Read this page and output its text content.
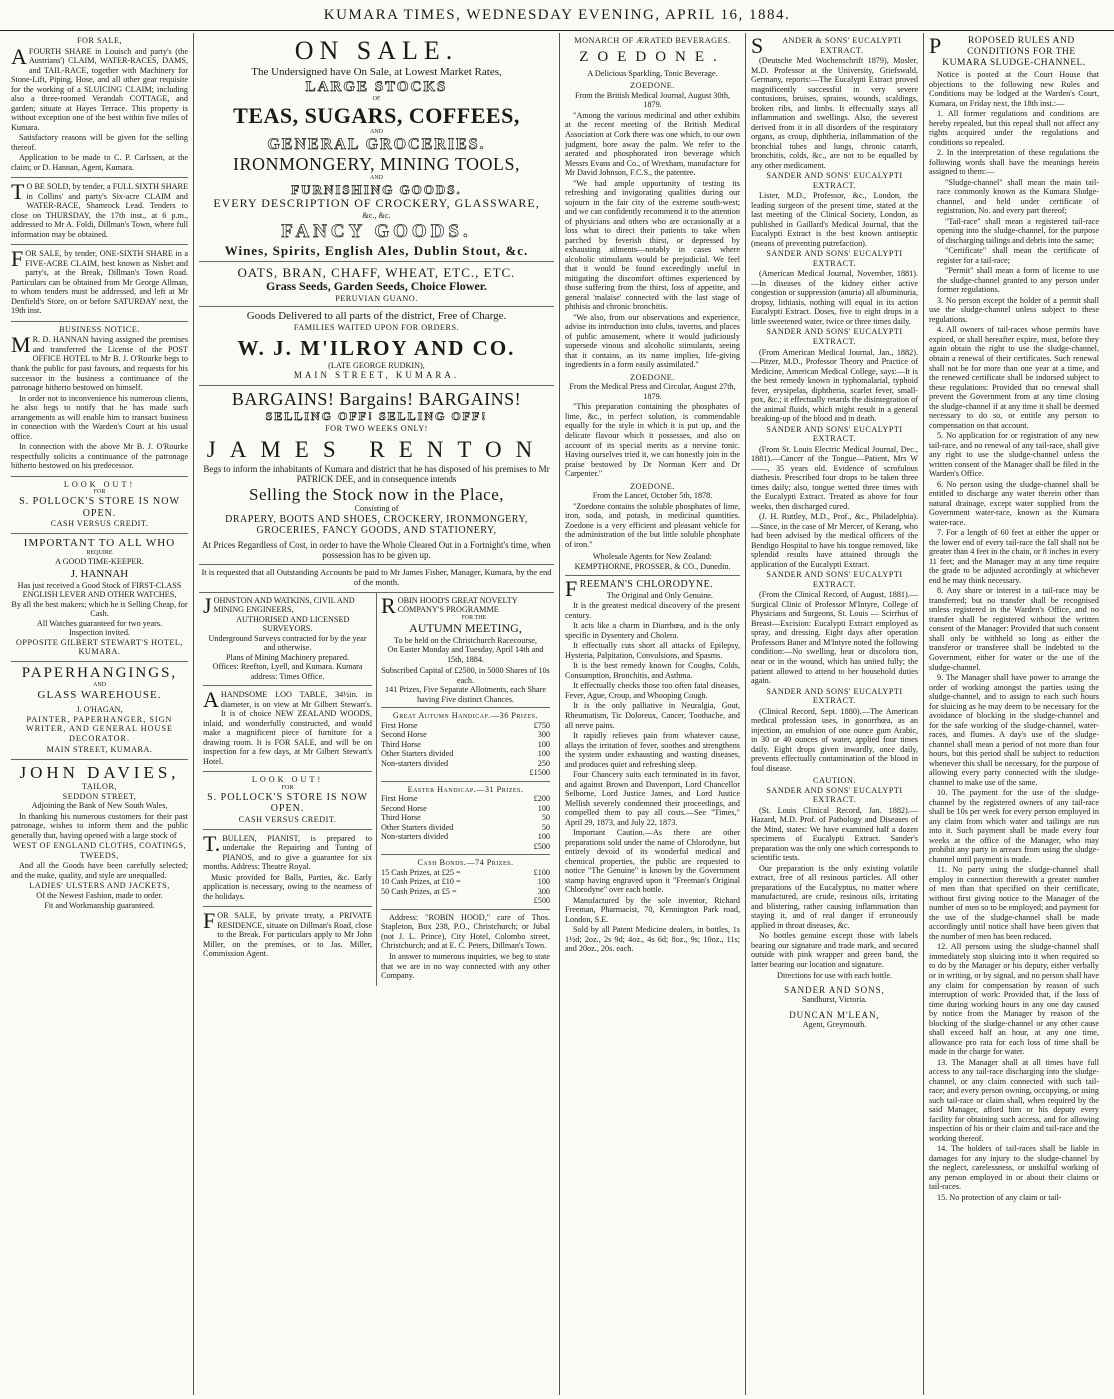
KUMARA TIMES, WEDNESDAY EVENING, APRIL 16, 1884.
FOR SALE,

AFOURTH SHARE in Louisch and party's (the Austrians') CLAIM, WATER-RACES, DAMS, and TAIL-RACE, together with Machinery for Stone-Lift, Piping, Hose, and all other gear requisite for the working of a SLUICING CLAIM; including also a three-roomed Verandah COTTAGE, and garden; situate at Hayes Terrace. This property is without exception one of the best within five miles of Kumara.

Satisfactory reasons will be given for the selling thereof.

Application to be made to C. P. Carlssen, at the claim; or D. Hannan, Agent, Kumara.

TO BE SOLD, by tender, a FULL SIXTH SHARE in Collins' and party's Six-acre CLAIM and WATER-RACE, Shamrock Lead. Tenders to close on THURSDAY, the 17th inst., at 6 p.m., addressed to Mr A. Foldi, Dillman's Town, where full information may be obtained.

FOR SALE, by tender, ONE-SIXTH SHARE in a FIVE-ACRE CLAIM, best known as Nisbet and party's, at the Break, Dillman's Town Road. Particulars can be obtained from Mr George Allman, to whom tenders must be addressed, and left at Mr Denfield's Store, on or before SATURDAY next, the 19th inst.

BUSINESS NOTICE.

MR. D. HANNAN having assigned the premises and transferred the License of the POST OFFICE HOTEL to Mr B. J. O'Rourke begs to thank the public for past favours, and requests for his successor in the business a continuance of the patronage hitherto bestowed on himself.

In order not to inconvenience his numerous clients, he also begs to notify that he has made such arrangements as will enable him to transact business in connection with the Warden's Court at his usual office.

In connection with the above Mr B. J. O'Rourke respectfully solicits a continuance of the patronage hitherto bestowed on his predecessor.

LOOK OUT!
FOR
S. POLLOCK'S STORE IS NOW OPEN.
CASH VERSUS CREDIT.
IMPORTANT TO ALL WHO
REQUIRE
A GOOD TIME-KEEPER.
J. HANNAH
Has just received a Good Stock of FIRST-CLASS ENGLISH LEVER AND OTHER WATCHES,
By all the best makers; which he is Selling Cheap, for Cash.
All Watches guaranteed for two years.
Inspection invited.
OPPOSITE GILBERT STEWART'S HOTEL, KUMARA.
PAPERHANGINGS,
AND
GLASS WAREHOUSE.
J. O'HAGAN,
PAINTER, PAPERHANGER, SIGN WRITER, AND GENERAL HOUSE DECORATOR.
MAIN STREET, KUMARA.
JOHN DAVIES,
TAILOR,
SEDDON STREET,
Adjoining the Bank of New South Wales,

In thanking his numerous customers for their past patronage, wishes to inform them and the public generally that, having opened with a large stock of

WEST OF ENGLAND CLOTHS, COATINGS, TWEEDS,

And all the Goods have been carefully selected; and the make, quality, and style are unequalled.

LADIES' ULSTERS AND JACKETS,
Of the Newest Fashion, made to order.
Fit and Workmanship guaranteed.
ON SALE.
The Undersigned have On Sale, at Lowest Market Rates,
LARGE STOCKS
OF
TEAS, SUGARS, COFFEES,
AND
GENERAL GROCERIES.
IRONMONGERY, MINING TOOLS,
AND
FURNISHING GOODS.
EVERY DESCRIPTION OF CROCKERY, GLASSWARE,
&c., &c.
FANCY GOODS.
Wines, Spirits, English Ales, Dublin Stout, &c.
OATS, BRAN, CHAFF, WHEAT, ETC., ETC.
Grass Seeds, Garden Seeds, Choice Flower.
PERUVIAN GUANO.
Goods Delivered to all parts of the district, Free of Charge.
FAMILIES WAITED UPON FOR ORDERS.
W. J. M'ILROY AND CO.
(LATE GEORGE RUDKIN),
MAIN STREET, KUMARA.
BARGAINS! Bargains! BARGAINS!
SELLING OFF! SELLING OFF!
FOR TWO WEEKS ONLY!
JAMES RENTON
Begs to inform the inhabitants of Kumara and district that he has disposed of his premises to Mr PATRICK DEE, and in consequence intends
Selling the Stock now in the Place,
Consisting of
DRAPERY, BOOTS AND SHOES, CROCKERY, IRONMONGERY, GROCERIES, FANCY GOODS, AND STATIONERY,
At Prices Regardless of Cost, in order to have the Whole Cleared Out in a Fortnight's time, when possession has to be given up.
It is requested that all Outstanding Accounts be paid to Mr James Fisher, Manager, Kumara, by the end of the month.
JOHNSTON AND WATKINS, CIVIL AND MINING ENGINEERS,
AUTHORISED AND LICENSED SURVEYORS.
Underground Surveys contracted for by the year and otherwise.
Plans of Mining Machinery prepared.
Offices: Reefton, Lyell, and Kumara. Kumara address: Times Office.

AHANDSOME LOO TABLE, 34½in. in diameter, is on view at Mr Gilbert Stewart's. It is of choice NEW ZEALAND WOODS, inlaid, and wonderfully constructed, and would make a magnificent piece of furniture for a drawing room. It is FOR SALE, and will be on inspection for a few days, at Mr Gilbert Stewart's Hotel.

LOOK OUT!
FOR
S. POLLOCK'S STORE IS NOW OPEN.
CASH VERSUS CREDIT.

T.BULLEN, PIANIST, is prepared to undertake the Repairing and Tuning of PIANOS, and to give a guarantee for six months. Address: Theatre Royal.

Music provided for Balls, Parties, &c. Early application is necessary, owing to the nearness of the holidays.

FOR SALE, by private treaty, a PRIVATE RESIDENCE, situate on Dillman's Road, close to the Break. For particulars apply to Mr John Miller, on the premises, or to Jas. Miller, Commission Agent.

ROBIN HOOD'S GREAT NOVELTY COMPANY'S PROGRAMME
FOR THE
AUTUMN MEETING,
To be held on the Christchurch Racecourse,
On Easter Monday and Tuesday, April 14th and 15th, 1884.
Subscribed Capital of £2500, in 5000 Shares of 10s each.
141 Prizes, Five Separate Allotments, each Share having Five distinct Chances.
Great Autumn Handicap.—36 Prizes.
First Horse	£750
Second Horse	300
Third Horse	100
Other Starters divided	100
Non-starters divided	250
£1500
Easter Handicap.—31 Prizes.
First Horse	£200
Second Horse	100
Third Horse	50
Other Starters divided	50
Non-starters divided	100
£500
Cash Bonds.—74 Prizes.
15 Cash Prizes, at £25 =	£100
10 Cash Prizes, at £10 =	100
50 Cash Prizes, at £5 =	300
£500

Address: "ROBIN HOOD," care of Thos. Stapleton, Box 238, P.O., Christchurch; or Jubal (not J. L. Prince), City Hotel, Colombo street, Christchurch; and at E. C. Peters, Dillman's Town.

In answer to numerous inquiries, we beg to state that we are in no way connected with any other Company.

MONARCH OF ÆRATED BEVERAGES.
ZOEDONE.
A Delicious Sparkling, Tonic Beverage.
ZOEDONE.
From the British Medical Journal, August 30th, 1879.

"Among the various medicinal and other exhibits at the recent meeting of the British Medical Association at Cork there was one which, to our own judgment, bore away the palm. We refer to the aerated and phosphorated iron beverage which Messrs Evans and Co., of Wrexham, manufacture for Mr David Johnson, F.C.S., the patentee.

"We had ample opportunity of testing its refreshing and invigorating qualities during our sojourn in the fair city of the extreme south-west; and we can confidently recommend it to the attention of physicians and others who are occasionally at a loss what to direct their patients to take when parched by feverish thirst, or depressed by exhausting ailments—notably in cases where alcoholic stimulants would be prejudicial. We feel that it would be found exceedingly useful in mitigating the discomfort oftimes experienced by those suffering from the thirst, loss of appetite, and general 'malaise' connected with the last stage of phthisis and chronic bronchitis.

"We also, from our observations and experience, advise its introduction into clubs, taverns, and places of public amusement, where it would judiciously supersede vinous and alcoholic stimulants, seeing that it contains, as its name implies, life-giving ingredients in a form easily assimilated."

ZOEDONE.
From the Medical Press and Circular, August 27th, 1879.

"This preparation containing the phosphates of lime, &c., in perfect solution, is commendable equally for the style in which it is put up, and the delicate flavour which it possesses, and also on account of its special merits as a nervine tonic. Having ourselves tried it, we can honestly join in the praise bestowed by Dr Norman Kerr and Dr Carpenter."

ZOEDONE.
From the Lancet, October 5th, 1878.

"Zoedone contains the soluble phosphates of lime, iron, soda, and potash, in medicinal quantities. Zoedone is a very efficient and pleasant vehicle for the administration of the but little soluble phosphate of iron."

Wholesale Agents for New Zealand:
KEMPTHORNE, PROSSER, & CO., Dunedin.
FREEMAN'S CHLORODYNE.
The Original and Only Genuine.

It is the greatest medical discovery of the present century.

It acts like a charm in Diarrhœa, and is the only specific in Dysentery and Cholera.

It effectually cuts short all attacks of Epilepsy, Hysteria, Palpitation, Convulsions, and Spasms.

It is the best remedy known for Coughs, Colds, Consumption, Bronchitis, and Asthma.

It effectually checks those too often fatal diseases, Fever, Ague, Croup, and Whooping Cough.

It is the only palliative in Neuralgia, Gout, Rheumatism, Tic Doloreux, Cancer, Toothache, and all nerve pains.

It rapidly relieves pain from whatever cause, allays the irritation of fever, soothes and strengthens the system under exhausting and wasting diseases, and produces quiet and refreshing sleep.

Four Chancery suits each terminated in its favor, and against Brown and Davenport, Lord Chancellor Selborne, Lord Justice James, and Lord Justice Mellish severely condemned their proceedings, and compelled them to pay all costs.—See "Times," April 29, 1873, and July 22, 1873.

Important Caution.—As there are other preparations sold under the name of Chlorodyne, but entirely devoid of its wonderful medical and chemical properties, the public are requested to notice "The Genuine" is known by the Government stamp having engraved upon it "Freeman's Original Chlorodyne" over each bottle.

Manufactured by the sole inventor, Richard Freeman, Pharmacist, 70, Kennington Park road, London, S.E.

Sold by all Patent Medicine dealers, in bottles, 1s 1½d; 2oz., 2s 9d; 4oz., 4s 6d; 8oz., 9s; 10oz., 11s; and 20oz., 20s. each.

SANDER & SONS' EUCALYPTI EXTRACT.

(Deutsche Med Wochenschrift 1879), Mosler, M.D. Professor at the University, Griefswald, Germany, reports:—The Eucalypti Extract proved magnificently successful in very severe contusions, bruises, sprains, wounds, scaldings, broken ribs, and limbs. It effectually stays all inflammation and swellings. Also, the severest derived from it in all disorders of the respiratory organs, as croup, diphtheria, inflammation of the bronchial tubes and lungs, chronic catarrh, bronchitis, colds, &c., are not to be equalled by any other medicament.

SANDER AND SONS' EUCALYPTI EXTRACT.

Lister, M.D., Professor, &c., London, the leading surgeon of the present time, stated at the last meeting of the Clinical Society, London, as published in Gaillard's Medical Journal, that the Eucalypti Extract is the best known antiseptic (means of preventing putrefaction).

SANDER AND SONS' EUCALYPTI EXTRACT.

(American Medical Journal, November, 1881).—In diseases of the kidney either active congestion or suppression (anuria) all albuminuria, dropsy, lithiasis, nothing will equal in its action Eucalypti Extract. Doses, five to eight drops in a little sweetened water, twice or three times daily.

SANDER AND SONS' EUCALYPTI EXTRACT.

(From American Medical Journal, Jan., 1882).—Pitzer, M.D., Professor Theory and Practice of Medicine, American Medical College, says:—It is the best remedy known in typhomalarial, typhoid fever, erysipelas, diphtheria, scarlet fever, small-pox, &c.; it effectually retards the disintegration of the animal fluids, which might result in a general breaking-up of the blood and in death.

SANDER AND SONS' EUCALYPTI EXTRACT.

(From St. Louis Electric Medical Journal, Dec., 1881).—Cancer of the Tongue—Patient, Mrs W——, 35 years old. Evidence of scrofulous diathesis. Prescribed four drops to be taken three times daily; also, tongue wetted three times with the Eucalypti Extract. Treated as above for four weeks, then discharged cured.

(J. H. Ruttley, M.D., Prof., &c., Philadelphia).—Since, in the case of Mr Mercer, of Kerang, who had been advised by the medical officers of the Bendigo Hospital to have his tongue removed, like splendid results have attained through the application of the Eucalypti Extract.

SANDER AND SONS' EUCALYPTI EXTRACT.

(From the Clinical Record, of August, 1881).—Surgical Clinic of Professor M'Intyre, College of Physicians and Surgeons, St. Louis — Scirrhus of Breast—Excision: Eucalypti Extract employed as spray, and dressing. Eight days after operation Professors Baner and M'Intyre noted the following condition:—No swelling, heat or discolora tion, near or in the wound, which has united fully; the patient allowed to attend to her household duties again.

SANDER AND SONS' EUCALYPTI EXTRACT.

(Clinical Record, Sept. 1880).—The American medical profession uses, in gonorrhœa, as an injection, an emulsion of one ounce gum Arabic, in 30 or 40 ounces of water, applied four times daily. Eight drops given inwardly, once daily, prevents effectually contamination of the blood in foul disease.

CAUTION.
SANDER AND SONS' EUCALYPTI EXTRACT.

(St. Louis Clinical Record, Jan. 1882).—Hazard, M.D. Prof. of Pathology and Diseases of the Mind, states: We have examined half a dozen specimens of Eucalypti Extract. Sander's preparation was the only one which corresponds to scientific tests.

Our preparation is the only existing volatile extract, free of all resinous particles. All other preparations of the Eucalyptus, no matter where manufactured, are crude, resinous oils, irritating and blistering, rather causing inflammation than staying it, and of real danger if erroneously applied in throat diseases, &c.

No bottles genuine except those with labels bearing our signature and trade mark, and secured outside with pink wrapper and green band, the latter bearing our location and signature.

Directions for use with each bottle.
SANDER AND SONS,
Sandhurst, Victoria.
DUNCAN M'LEAN,
Agent, Greymouth.
PROPOSED RULES AND CONDITIONS FOR THE KUMARA SLUDGE-CHANNEL.

Notice is posted at the Court House that objections to the following new Rules and Conditions may be lodged at the Warden's Court, Kumara, on Friday next, the 18th inst.:—

1. All former regulations and conditions are hereby repealed, but this repeal shall not affect any rights acquired under the regulations and conditions so repealed.

2. In the interpretation of these regulations the following words shall have the meanings herein assigned to them:—

"Sludge-channel" shall mean the main tail-race commonly known as the Kumara Sludge-channel, and held under certificate of registration, No. and every part thereof;

"Tail-race" shall mean a registered tail-race opening into the sludge-channel, for the purpose of discharging tailings and debris into the same;

"Certificate" shall mean the certificate of register for a tail-race;

"Permit" shall mean a form of license to use the sludge-channel granted to any person under former regulations.

3. No person except the holder of a permit shall use the sludge-channel unless subject to these regulations.

4. All owners of tail-races whose permits have expired, or shall hereafter expire, must, before they again obtain the right to use the sludge-channel, obtain a renewal of their certificates. Such renewal shall not be for more than one year at a time, and the renewed certificate shall be indorsed subject to these regulations: Provided that no renewal shall prevent the Government from at any time closing the sludge-channel if at any time it shall be deemed necessary to do so, or entitle any person to compensation on that account.

5. No application for or registration of any new tail-race, and no renewal of any tail-race, shall give any right to use the sludge-channel unless the written consent of the Manager shall be filed in the Warden's Office.

6. No person using the sludge-channel shall be entitled to discharge any water therein other than natural drainage, except water supplied from the Government water-race, known as the Kumara water-race.

7. For a length of 60 feet at either the upper or the lower end of every tail-race the fall shall not be greater than 4 feet in the chain, or 8 inches in every 11 feet; and the Manager may at any time require the grade to be adjusted accordingly at whichever end he may think necessary.

8. Any share or interest in a tail-race may be transferred; but no transfer shall be recognised unless registered in the Warden's Office, and no transfer shall be registered without the written consent of the Manager: Provided that such consent shall only be withheld so long as either the transferor or transferee shall be indebted to the Government, either for water or the use of the sludge-channel.

9. The Manager shall have power to arrange the order of working amongst the parties using the sludge-channel, and to assign to each such hours for sluicing as he may deem to be necessary for the avoidance of blocking in the sludge-channel and for the safe working of the sludge-channel, water-races, and flumes. A day's use of the sludge-channel shall mean a period of not more than four hours, but this period shall be subject to reduction whenever this shall be necessary, for the purpose of allowing every party connected with the sludge-channel to make use of the same.

10. The payment for the use of the sludge-channel by the registered owners of any tail-race shall be 10s per week for every person employed in any claim from which water and tailings are run into it. Such payment shall be made every four weeks at the office of the Manager, who may prohibit any party in arrears from using the sludge-channel until payment is made.

11. No party using the sludge-channel shall employ in connection therewith a greater number of men than that specified on their certificate, without first giving notice to the Manager of the number of men so to be employed; and payment for the use of the sludge-channel shall be made accordingly until notice shall have been given that the number of men has been reduced.

12. All persons using the sludge-channel shall immediately stop sluicing into it when required so to do by the Manager or his deputy, either verbally or in writing, or by signal, and no person shall have any claim for compensation by reason of such interruption of work: Provided that, if the loss of time during working hours in any one day caused by notice from the Manager by reason of the blocking of the sludge-channel or any other cause shall exceed half an hour, at any one time, allowance pro rata for each loss of time shall be made in the charge for water.

13. The Manager shall at all times have full access to any tail-race discharging into the sludge-channel, or any claim connected with such tail-race; and every person owning, occupying, or using such tail-race or claim shall, when required by the said Manager, afford him or his deputy every facility for obtaining such access, and for allowing inspection of his or their claim and tail-race and the working thereof.

14. The holders of tail-races shall be liable in damages for any injury to the sludge-channel by the neglect, carelessness, or unskilful working of any person employed in or about their claims or tail-races.

15. No protection of any claim or tail-
